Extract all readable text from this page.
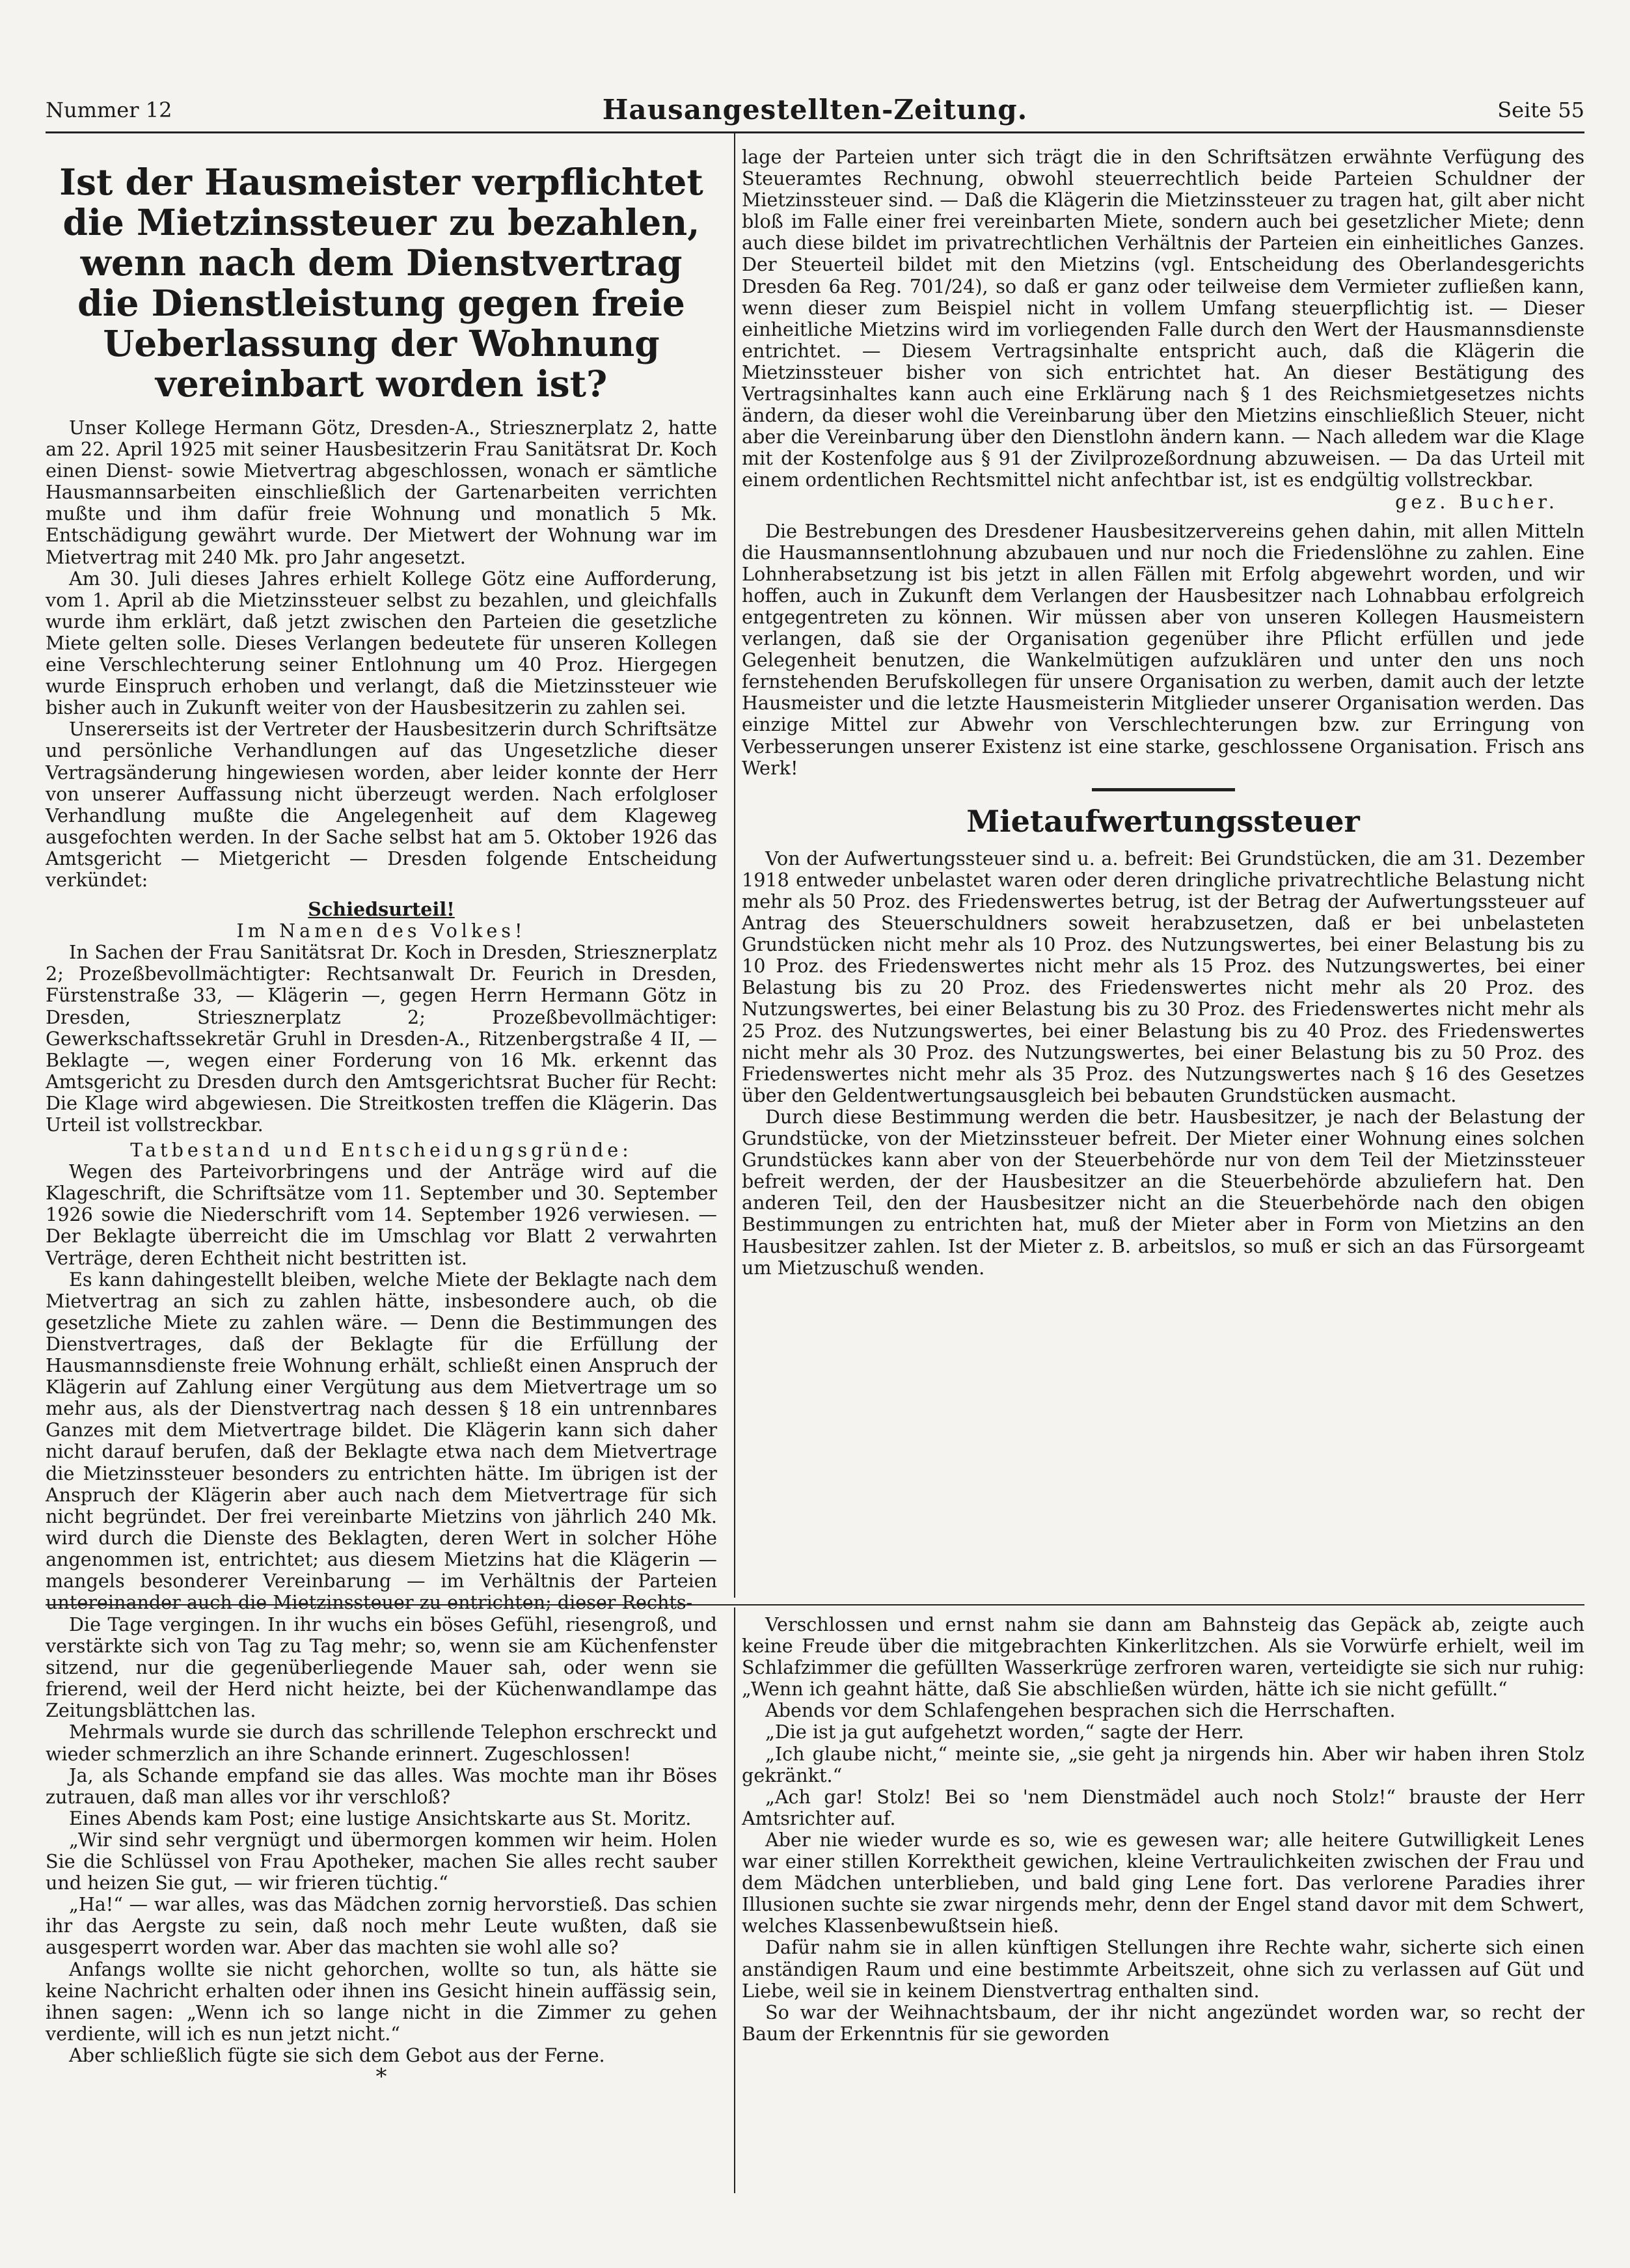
Nummer 12	Hausangestellten-Zeitung.	Seite 55
Ist der Hausmeister verpflichtet die Mietzinssteuer zu bezahlen, wenn nach dem Dienstvertrag die Dienstleistung gegen freie Ueberlassung der Wohnung vereinbart worden ist?

Unser Kollege Hermann Götz, Dresden-A., Striesznerplatz 2, hatte am 22. April 1925 mit seiner Hausbesitzerin Frau Sanitätsrat Dr. Koch einen Dienst- sowie Mietvertrag abgeschlossen, wonach er sämtliche Hausmannsarbeiten einschließlich der Gartenarbeiten verrichten mußte und ihm dafür freie Wohnung und monatlich 5 Mk. Entschädigung gewährt wurde. Der Mietwert der Wohnung war im Mietvertrag mit 240 Mk. pro Jahr angesetzt.

Am 30. Juli dieses Jahres erhielt Kollege Götz eine Aufforderung, vom 1. April ab die Mietzinssteuer selbst zu bezahlen, und gleichfalls wurde ihm erklärt, daß jetzt zwischen den Parteien die gesetzliche Miete gelten solle. Dieses Verlangen bedeutete für unseren Kollegen eine Verschlechterung seiner Entlohnung um 40 Proz. Hiergegen wurde Einspruch erhoben und verlangt, daß die Mietzinssteuer wie bisher auch in Zukunft weiter von der Hausbesitzerin zu zahlen sei.

Unsererseits ist der Vertreter der Hausbesitzerin durch Schriftsätze und persönliche Verhandlungen auf das Ungesetzliche dieser Vertragsänderung hingewiesen worden, aber leider konnte der Herr von unserer Auffassung nicht überzeugt werden. Nach erfolgloser Verhandlung mußte die Angelegenheit auf dem Klageweg ausgefochten werden. In der Sache selbst hat am 5. Oktober 1926 das Amtsgericht — Mietgericht — Dresden folgende Entscheidung verkündet:

Schiedsurteil!

Im Namen des Volkes!

In Sachen der Frau Sanitätsrat Dr. Koch in Dresden, Striesznerplatz 2; Prozeßbevollmächtigter: Rechtsanwalt Dr. Feurich in Dresden, Fürstenstraße 33, — Klägerin —, gegen Herrn Hermann Götz in Dresden, Striesznerplatz 2; Prozeßbevollmächtiger: Gewerkschaftssekretär Gruhl in Dresden-A., Ritzenbergstraße 4 II, — Beklagte —, wegen einer Forderung von 16 Mk. erkennt das Amtsgericht zu Dresden durch den Amtsgerichtsrat Bucher für Recht: Die Klage wird abgewiesen. Die Streitkosten treffen die Klägerin. Das Urteil ist vollstreckbar.

Tatbestand und Entscheidungsgründe:

Wegen des Parteivorbringens und der Anträge wird auf die Klageschrift, die Schriftsätze vom 11. September und 30. September 1926 sowie die Niederschrift vom 14. September 1926 verwiesen. — Der Beklagte überreicht die im Umschlag vor Blatt 2 verwahrten Verträge, deren Echtheit nicht bestritten ist.

Es kann dahingestellt bleiben, welche Miete der Beklagte nach dem Mietvertrag an sich zu zahlen hätte, insbesondere auch, ob die gesetzliche Miete zu zahlen wäre. — Denn die Bestimmungen des Dienstvertrages, daß der Beklagte für die Erfüllung der Hausmannsdienste freie Wohnung erhält, schließt einen Anspruch der Klägerin auf Zahlung einer Vergütung aus dem Mietvertrage um so mehr aus, als der Dienstvertrag nach dessen § 18 ein untrennbares Ganzes mit dem Mietvertrage bildet. Die Klägerin kann sich daher nicht darauf berufen, daß der Beklagte etwa nach dem Mietvertrage die Mietzinssteuer besonders zu entrichten hätte. Im übrigen ist der Anspruch der Klägerin aber auch nach dem Mietvertrage für sich nicht begründet. Der frei vereinbarte Mietzins von jährlich 240 Mk. wird durch die Dienste des Beklagten, deren Wert in solcher Höhe angenommen ist, entrichtet; aus diesem Mietzins hat die Klägerin — mangels besonderer Vereinbarung — im Verhältnis der Parteien untereinander auch die Mietzinssteuer zu entrichten; dieser Rechts-

lage der Parteien unter sich trägt die in den Schriftsätzen erwähnte Verfügung des Steueramtes Rechnung, obwohl steuerrechtlich beide Parteien Schuldner der Mietzinssteuer sind. — Daß die Klägerin die Mietzinssteuer zu tragen hat, gilt aber nicht bloß im Falle einer frei vereinbarten Miete, sondern auch bei gesetzlicher Miete; denn auch diese bildet im privatrechtlichen Verhältnis der Parteien ein einheitliches Ganzes. Der Steuerteil bildet mit den Mietzins (vgl. Entscheidung des Oberlandesgerichts Dresden 6a Reg. 701/24), so daß er ganz oder teilweise dem Vermieter zufließen kann, wenn dieser zum Beispiel nicht in vollem Umfang steuerpflichtig ist. — Dieser einheitliche Mietzins wird im vorliegenden Falle durch den Wert der Hausmannsdienste entrichtet. — Diesem Vertragsinhalte entspricht auch, daß die Klägerin die Mietzinssteuer bisher von sich entrichtet hat. An dieser Bestätigung des Vertragsinhaltes kann auch eine Erklärung nach § 1 des Reichsmietgesetzes nichts ändern, da dieser wohl die Vereinbarung über den Mietzins einschließlich Steuer, nicht aber die Vereinbarung über den Dienstlohn ändern kann. — Nach alledem war die Klage mit der Kostenfolge aus § 91 der Zivilprozeßordnung abzuweisen. — Da das Urteil mit einem ordentlichen Rechtsmittel nicht anfechtbar ist, ist es endgültig vollstreckbar.

gez. Bucher.

Die Bestrebungen des Dresdener Hausbesitzervereins gehen dahin, mit allen Mitteln die Hausmannsentlohnung abzubauen und nur noch die Friedenslöhne zu zahlen. Eine Lohnherabsetzung ist bis jetzt in allen Fällen mit Erfolg abgewehrt worden, und wir hoffen, auch in Zukunft dem Verlangen der Hausbesitzer nach Lohnabbau erfolgreich entgegentreten zu können. Wir müssen aber von unseren Kollegen Hausmeistern verlangen, daß sie der Organisation gegenüber ihre Pflicht erfüllen und jede Gelegenheit benutzen, die Wankelmütigen aufzuklären und unter den uns noch fernstehenden Berufskollegen für unsere Organisation zu werben, damit auch der letzte Hausmeister und die letzte Hausmeisterin Mitglieder unserer Organisation werden. Das einzige Mittel zur Abwehr von Verschlechterungen bzw. zur Erringung von Verbesserungen unserer Existenz ist eine starke, geschlossene Organisation. Frisch ans Werk!

Mietaufwertungssteuer

Von der Aufwertungssteuer sind u. a. befreit: Bei Grundstücken, die am 31. Dezember 1918 entweder unbelastet waren oder deren dringliche privatrechtliche Belastung nicht mehr als 50 Proz. des Friedenswertes betrug, ist der Betrag der Aufwertungssteuer auf Antrag des Steuerschuldners soweit herabzusetzen, daß er bei unbelasteten Grundstücken nicht mehr als 10 Proz. des Nutzungswertes, bei einer Belastung bis zu 10 Proz. des Friedenswertes nicht mehr als 15 Proz. des Nutzungswertes, bei einer Belastung bis zu 20 Proz. des Friedenswertes nicht mehr als 20 Proz. des Nutzungswertes, bei einer Belastung bis zu 30 Proz. des Friedenswertes nicht mehr als 25 Proz. des Nutzungswertes, bei einer Belastung bis zu 40 Proz. des Friedenswertes nicht mehr als 30 Proz. des Nutzungswertes, bei einer Belastung bis zu 50 Proz. des Friedenswertes nicht mehr als 35 Proz. des Nutzungswertes nach § 16 des Gesetzes über den Geldentwertungsausgleich bei bebauten Grundstücken ausmacht.

Durch diese Bestimmung werden die betr. Hausbesitzer, je nach der Belastung der Grundstücke, von der Mietzinssteuer befreit. Der Mieter einer Wohnung eines solchen Grundstückes kann aber von der Steuerbehörde nur von dem Teil der Mietzinssteuer befreit werden, der der Hausbesitzer an die Steuerbehörde abzuliefern hat. Den anderen Teil, den der Hausbesitzer nicht an die Steuerbehörde nach den obigen Bestimmungen zu entrichten hat, muß der Mieter aber in Form von Mietzins an den Hausbesitzer zahlen. Ist der Mieter z. B. arbeitslos, so muß er sich an das Fürsorgeamt um Mietzuschuß wenden.

Die Tage vergingen. In ihr wuchs ein böses Gefühl, riesengroß, und verstärkte sich von Tag zu Tag mehr; so, wenn sie am Küchenfenster sitzend, nur die gegenüberliegende Mauer sah, oder wenn sie frierend, weil der Herd nicht heizte, bei der Küchenwandlampe das Zeitungsblättchen las.

Mehrmals wurde sie durch das schrillende Telephon erschreckt und wieder schmerzlich an ihre Schande erinnert. Zugeschlossen!

Ja, als Schande empfand sie das alles. Was mochte man ihr Böses zutrauen, daß man alles vor ihr verschloß?

Eines Abends kam Post; eine lustige Ansichtskarte aus St. Moritz.

„Wir sind sehr vergnügt und übermorgen kommen wir heim. Holen Sie die Schlüssel von Frau Apotheker, machen Sie alles recht sauber und heizen Sie gut, — wir frieren tüchtig.“

„Ha!“ — war alles, was das Mädchen zornig hervorstieß. Das schien ihr das Aergste zu sein, daß noch mehr Leute wußten, daß sie ausgesperrt worden war. Aber das machten sie wohl alle so?

Anfangs wollte sie nicht gehorchen, wollte so tun, als hätte sie keine Nachricht erhalten oder ihnen ins Gesicht hinein auffässig sein, ihnen sagen: „Wenn ich so lange nicht in die Zimmer zu gehen verdiente, will ich es nun jetzt nicht.“

Aber schließlich fügte sie sich dem Gebot aus der Ferne.

*

Verschlossen und ernst nahm sie dann am Bahnsteig das Gepäck ab, zeigte auch keine Freude über die mitgebrachten Kinkerlitzchen. Als sie Vorwürfe erhielt, weil im Schlafzimmer die gefüllten Wasserkrüge zerfroren waren, verteidigte sie sich nur ruhig: „Wenn ich geahnt hätte, daß Sie abschließen würden, hätte ich sie nicht gefüllt.“

Abends vor dem Schlafengehen besprachen sich die Herrschaften.

„Die ist ja gut aufgehetzt worden,“ sagte der Herr.

„Ich glaube nicht,“ meinte sie, „sie geht ja nirgends hin. Aber wir haben ihren Stolz gekränkt.“

„Ach gar! Stolz! Bei so 'nem Dienstmädel auch noch Stolz!“ brauste der Herr Amtsrichter auf.

Aber nie wieder wurde es so, wie es gewesen war; alle heitere Gutwilligkeit Lenes war einer stillen Korrektheit gewichen, kleine Vertraulichkeiten zwischen der Frau und dem Mädchen unterblieben, und bald ging Lene fort. Das verlorene Paradies ihrer Illusionen suchte sie zwar nirgends mehr, denn der Engel stand davor mit dem Schwert, welches Klassenbewußtsein hieß.

Dafür nahm sie in allen künftigen Stellungen ihre Rechte wahr, sicherte sich einen anständigen Raum und eine bestimmte Arbeitszeit, ohne sich zu verlassen auf Güt und Liebe, weil sie in keinem Dienstvertrag enthalten sind.

So war der Weihnachtsbaum, der ihr nicht angezündet worden war, so recht der Baum der Erkenntnis für sie geworden
